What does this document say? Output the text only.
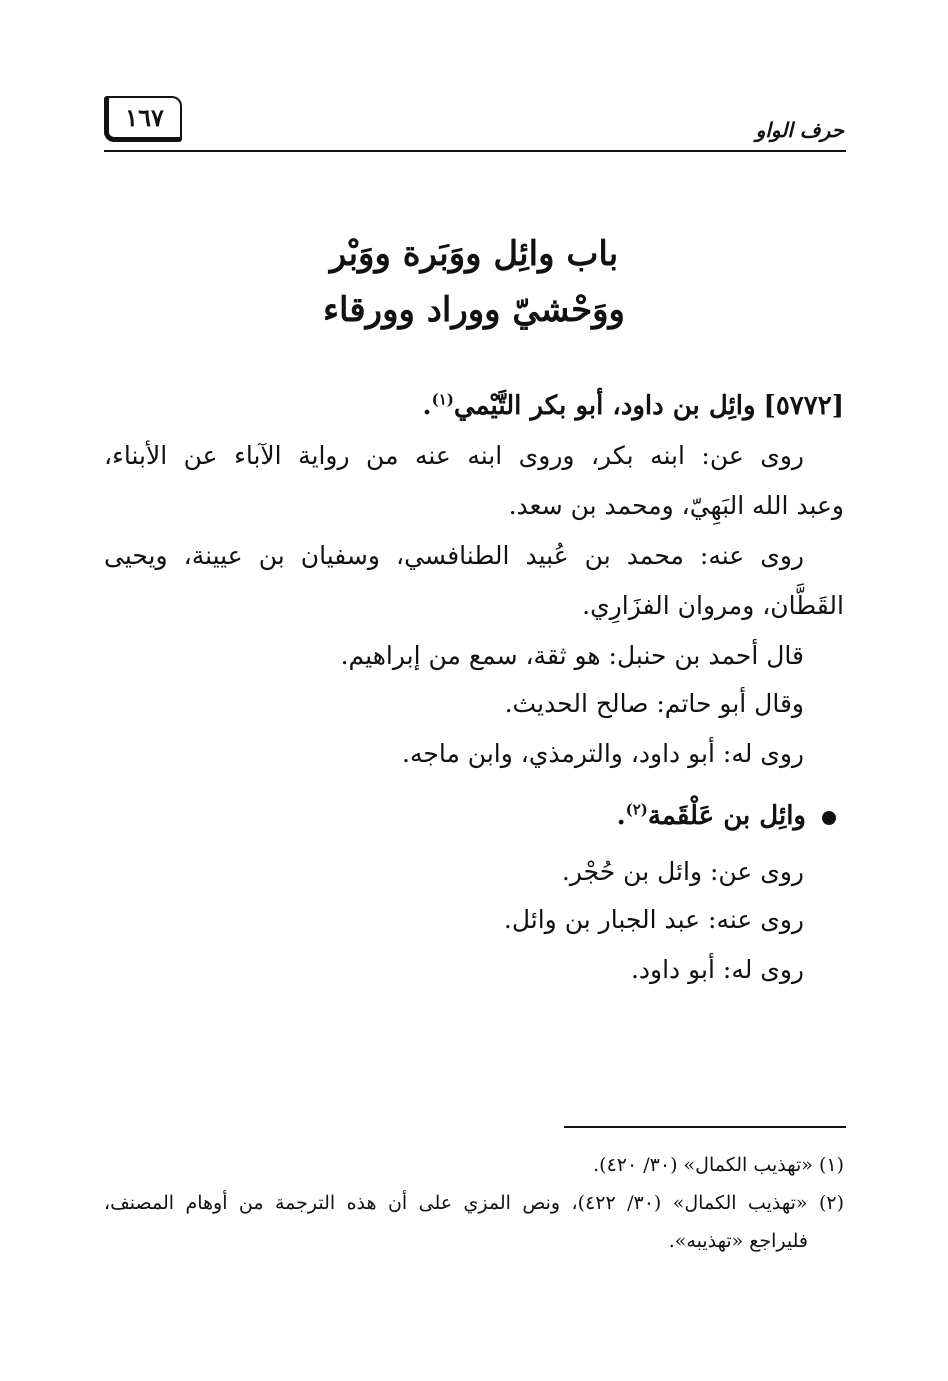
١٦٧	حرف الواو
باب وائِل ووَبَرة ووَبْر
ووَحْشيّ ووراد وورقاء
[٥٧٧٢] وائِل بن داود، أبو بكر التَّيْمي$^{(١)}$.
روى عن: ابنه بكر، وروى ابنه عنه من رواية الآباء عن الأبناء،
وعبد الله البَهِيّ، ومحمد بن سعد.
روى عنه: محمد بن عُبيد الطنافسي، وسفيان بن عيينة، ويحيى
القَطَّان، ومروان الفزَارِي.
قال أحمد بن حنبل: هو ثقة، سمع من إبراهيم.
وقال أبو حاتم: صالح الحديث.
روى له: أبو داود، والترمذي، وابن ماجه.
وائِل بن عَلْقَمة$^{(٢)}$.
روى عن: وائل بن حُجْر.
روى عنه: عبد الجبار بن وائل.
روى له: أبو داود.
(١) «تهذيب الكمال» (٣٠/ ٤٢٠).
(٢) «تهذيب الكمال» (٣٠/ ٤٢٢)، ونص المزي على أن هذه الترجمة من أوهام المصنف،
فليراجع «تهذيبه».
